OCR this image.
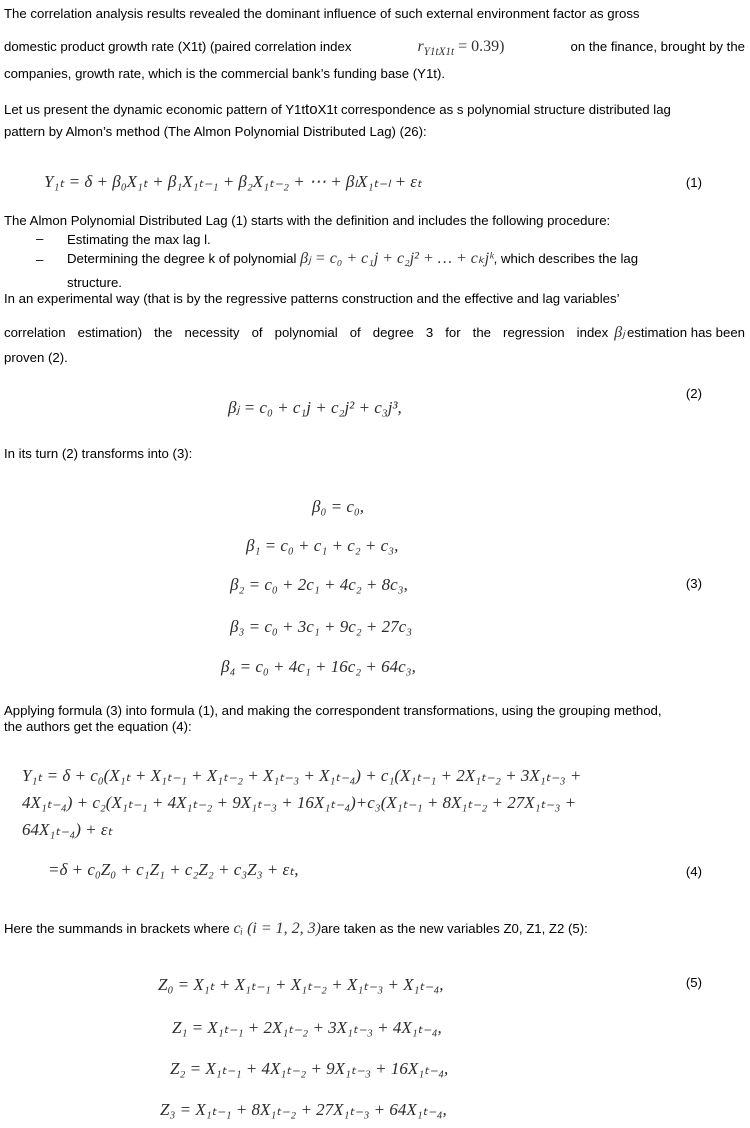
The correlation analysis results revealed the dominant influence of such external environment factor as gross
domestic product growth rate (X1t) (paired correlation index	$r_{Y1tX1t} = 0.39$)	on the finance, brought by the
companies, growth rate, which is the commercial bank’s funding base (Y1t).
Let us present the dynamic economic pattern of Y1ttoX1t correspondence as s polynomial structure distributed lag
pattern by Almon’s method (The Almon Polynomial Distributed Lag) (26):
Y₁ₜ = δ + β₀X₁ₜ + β₁X₁ₜ₋₁ + β₂X₁ₜ₋₂ + ⋯ + βₗX₁ₜ₋ₗ + εₜ	(1)
The Almon Polynomial Distributed Lag (1) starts with the definition and includes the following procedure:
– Estimating the max lag l.
– Determining the degree k of polynomial βⱼ = c₀ + c₁j + c₂j² + … + cₖjᵏ, which describes the lag
structure.
In an experimental way (that is by the regressive patterns construction and the effective and lag variables’
correlation estimation) the necessity of polynomial of degree 3 for the regression index βⱼ estimation has been
proven (2).
βⱼ = c₀ + c₁j + c₂j² + c₃j³,
(2)
In its turn (2) transforms into (3):
β₀ = c₀,
β₁ = c₀ + c₁ + c₂ + c₃,
β₂ = c₀ + 2c₁ + 4c₂ + 8c₃,
β₃ = c₀ + 3c₁ + 9c₂ + 27c₃
β₄ = c₀ + 4c₁ + 16c₂ + 64c₃,
(3)
Applying formula (3) into formula (1), and making the correspondent transformations, using the grouping method,
the authors get the equation (4):
Y₁ₜ = δ + c₀(X₁ₜ + X₁ₜ₋₁ + X₁ₜ₋₂ + X₁ₜ₋₃ + X₁ₜ₋₄) + c₁(X₁ₜ₋₁ + 2X₁ₜ₋₂ + 3X₁ₜ₋₃ +
4X₁ₜ₋₄) + c₂(X₁ₜ₋₁ + 4X₁ₜ₋₂ + 9X₁ₜ₋₃ + 16X₁ₜ₋₄)+c₃(X₁ₜ₋₁ + 8X₁ₜ₋₂ + 27X₁ₜ₋₃ +
64X₁ₜ₋₄) + εₜ
=δ + c₀Z₀ + c₁Z₁ + c₂Z₂ + c₃Z₃ + εₜ,	(4)
Here the summands in brackets where cᵢ (i = 1, 2, 3)are taken as the new variables Z0, Z1, Z2 (5):
Z₀ = X₁ₜ + X₁ₜ₋₁ + X₁ₜ₋₂ + X₁ₜ₋₃ + X₁ₜ₋₄,
Z₁ = X₁ₜ₋₁ + 2X₁ₜ₋₂ + 3X₁ₜ₋₃ + 4X₁ₜ₋₄,
Z₂ = X₁ₜ₋₁ + 4X₁ₜ₋₂ + 9X₁ₜ₋₃ + 16X₁ₜ₋₄,
Z₃ = X₁ₜ₋₁ + 8X₁ₜ₋₂ + 27X₁ₜ₋₃ + 64X₁ₜ₋₄,
(5)
